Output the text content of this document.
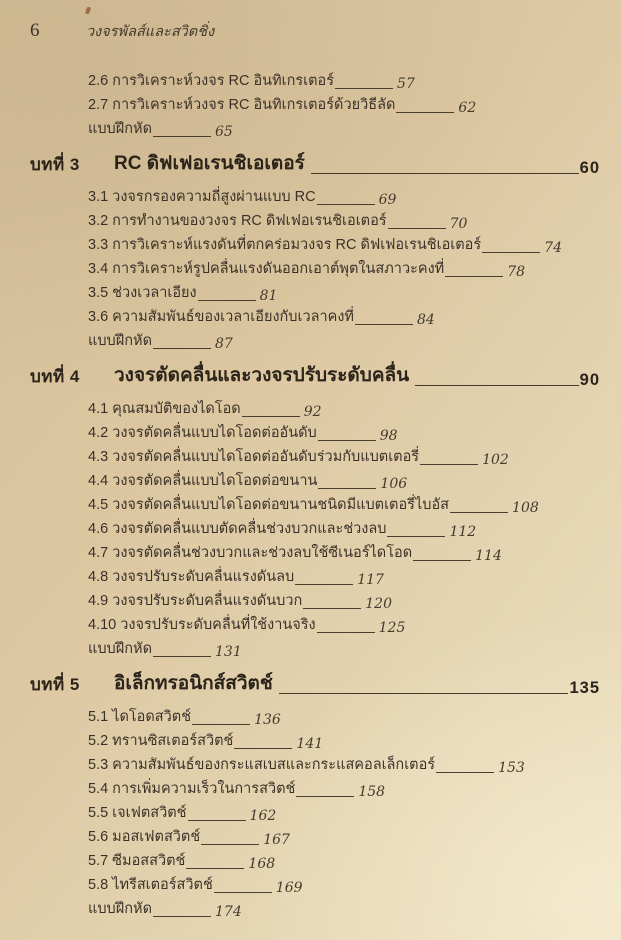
6	วงจรพัลส์และสวิตชิ่ง
2.6 การวิเคราะห์วงจร RC อินทิเกรเตอร์	57
2.7 การวิเคราะห์วงจร RC อินทิเกรเตอร์ด้วยวิธีลัด	62
แบบฝึกหัด	65
บทที่ 3	RC ดิฟเฟอเรนชิเอเตอร์	60
3.1 วงจรกรองความถี่สูงผ่านแบบ RC	69
3.2 การทำงานของวงจร RC ดิฟเฟอเรนชิเอเตอร์	70
3.3 การวิเคราะห์แรงดันที่ตกคร่อมวงจร RC ดิฟเฟอเรนชิเอเตอร์	74
3.4 การวิเคราะห์รูปคลื่นแรงดันออกเอาต์พุตในสภาวะคงที่	78
3.5 ช่วงเวลาเอียง	81
3.6 ความสัมพันธ์ของเวลาเอียงกับเวลาคงที่	84
แบบฝึกหัด	87
บทที่ 4	วงจรตัดคลื่นและวงจรปรับระดับคลื่น	90
4.1 คุณสมบัติของไดโอด	92
4.2 วงจรตัดคลื่นแบบไดโอดต่ออันดับ	98
4.3 วงจรตัดคลื่นแบบไดโอดต่ออันดับร่วมกับแบตเตอรี่	102
4.4 วงจรตัดคลื่นแบบไดโอดต่อขนาน	106
4.5 วงจรตัดคลื่นแบบไดโอดต่อขนานชนิดมีแบตเตอรี่ไบอัส	108
4.6 วงจรตัดคลื่นแบบตัดคลื่นช่วงบวกและช่วงลบ	112
4.7 วงจรตัดคลื่นช่วงบวกและช่วงลบใช้ซีเนอร์ไดโอด	114
4.8 วงจรปรับระดับคลื่นแรงดันลบ	117
4.9 วงจรปรับระดับคลื่นแรงดันบวก	120
4.10 วงจรปรับระดับคลื่นที่ใช้งานจริง	125
แบบฝึกหัด	131
บทที่ 5	อิเล็กทรอนิกส์สวิตช์	135
5.1 ไดโอดสวิตช์	136
5.2 ทรานซิสเตอร์สวิตช์	141
5.3 ความสัมพันธ์ของกระแสเบสและกระแสคอลเล็กเตอร์	153
5.4 การเพิ่มความเร็วในการสวิตช์	158
5.5 เจเฟตสวิตช์	162
5.6 มอสเฟตสวิตช์	167
5.7 ซีมอสสวิตช์	168
5.8 ไทรีสเตอร์สวิตช์	169
แบบฝึกหัด	174
